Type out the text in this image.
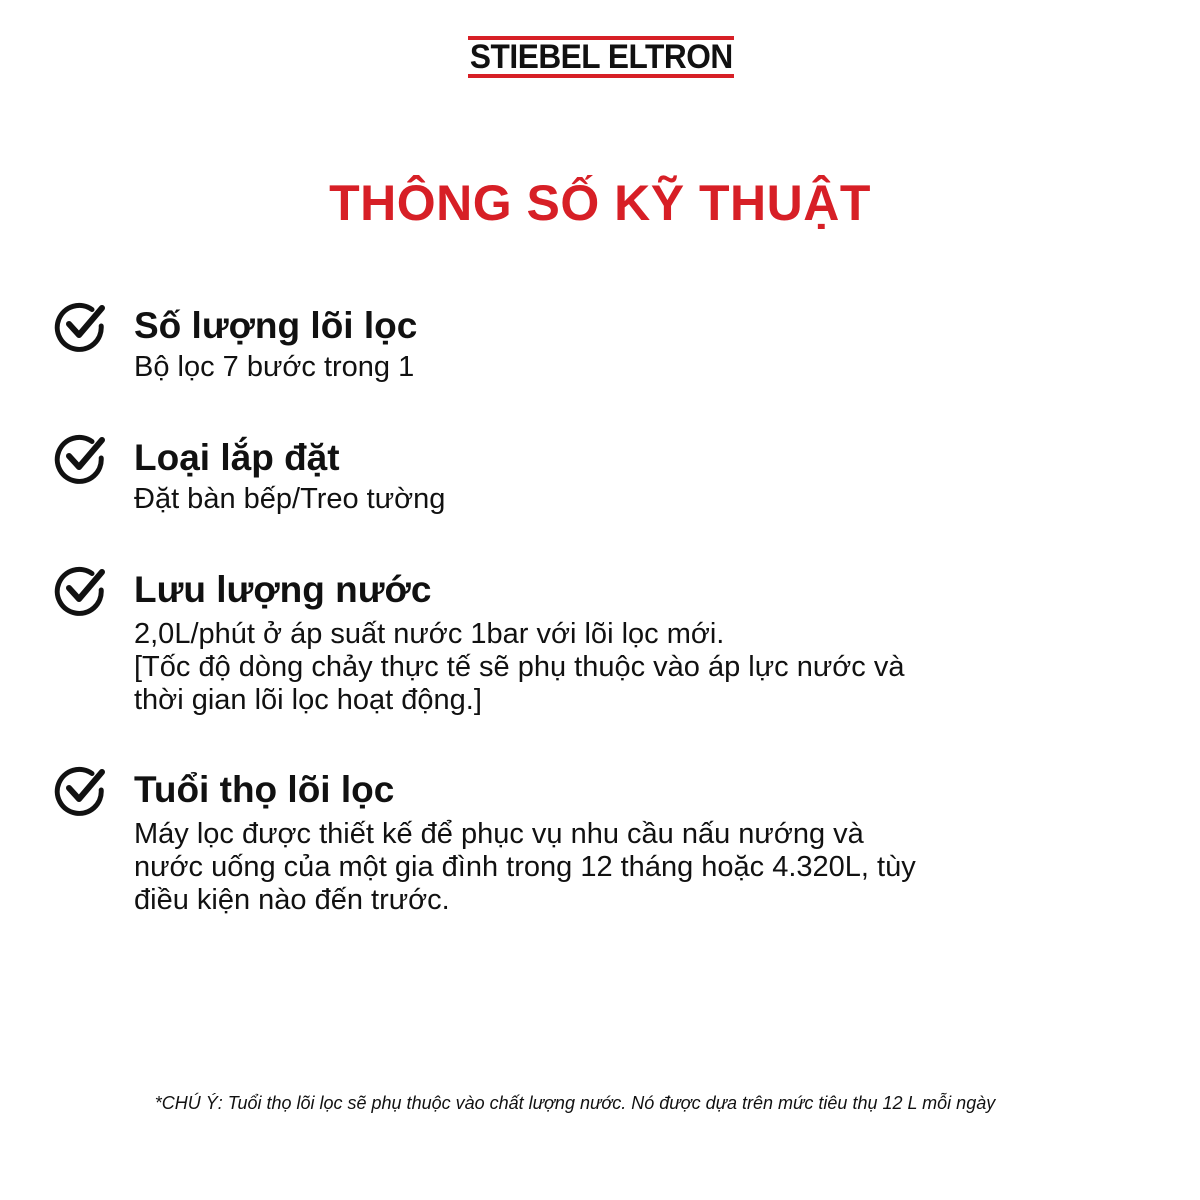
STIEBEL ELTRON
THÔNG SỐ KỸ THUẬT
Số lượng lõi lọc

Bộ lọc 7 bước trong 1

Loại lắp đặt

Đặt bàn bếp/Treo tường

Lưu lượng nước

2,0L/phút ở áp suất nước 1bar với lõi lọc mới.
[Tốc độ dòng chảy thực tế sẽ phụ thuộc vào áp lực nước và
thời gian lõi lọc hoạt động.]

Tuổi thọ lõi lọc

Máy lọc được thiết kế để phục vụ nhu cầu nấu nướng và
nước uống của một gia đình trong 12 tháng hoặc 4.320L, tùy
điều kiện nào đến trước.

*CHÚ Ý: Tuổi thọ lõi lọc sẽ phụ thuộc vào chất lượng nước. Nó được dựa trên mức tiêu thụ 12 L mỗi ngày
